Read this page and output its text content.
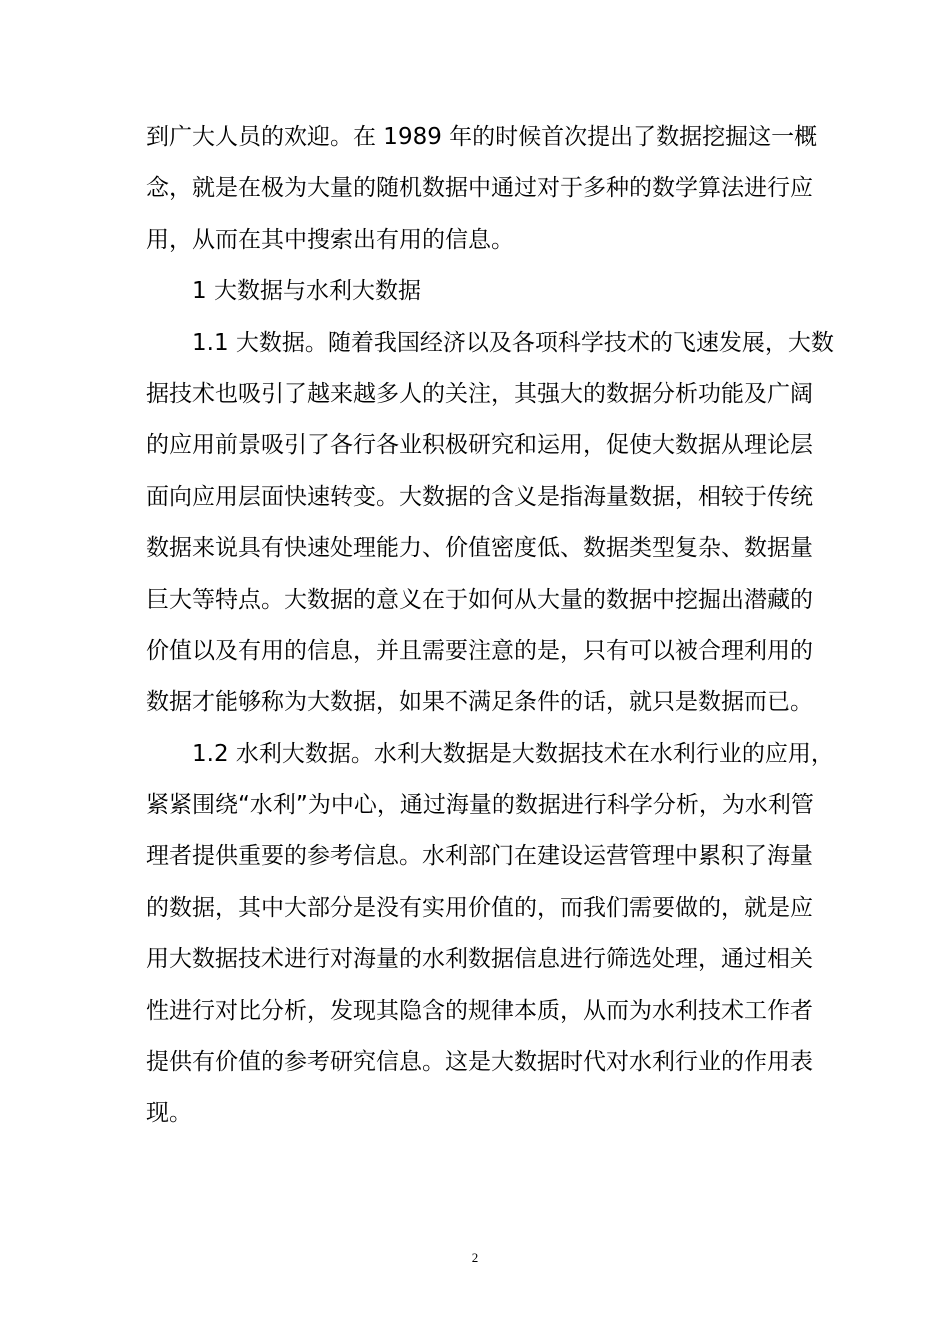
到广大人员的欢迎。在 1989 年的时候首次提出了数据挖掘这一概
念，就是在极为大量的随机数据中通过对于多种的数学算法进行应
用，从而在其中搜索出有用的信息。
1 大数据与水利大数据
1.1 大数据。随着我国经济以及各项科学技术的飞速发展，大数
据技术也吸引了越来越多人的关注，其强大的数据分析功能及广阔
的应用前景吸引了各行各业积极研究和运用，促使大数据从理论层
面向应用层面快速转变。大数据的含义是指海量数据，相较于传统
数据来说具有快速处理能力、价值密度低、数据类型复杂、数据量
巨大等特点。大数据的意义在于如何从大量的数据中挖掘出潜藏的
价值以及有用的信息，并且需要注意的是，只有可以被合理利用的
数据才能够称为大数据，如果不满足条件的话，就只是数据而已。
1.2 水利大数据。水利大数据是大数据技术在水利行业的应用，
紧紧围绕“水利”为中心，通过海量的数据进行科学分析，为水利管
理者提供重要的参考信息。水利部门在建设运营管理中累积了海量
的数据，其中大部分是没有实用价值的，而我们需要做的，就是应
用大数据技术进行对海量的水利数据信息进行筛选处理，通过相关
性进行对比分析，发现其隐含的规律本质，从而为水利技术工作者
提供有价值的参考研究信息。这是大数据时代对水利行业的作用表
现。
2
